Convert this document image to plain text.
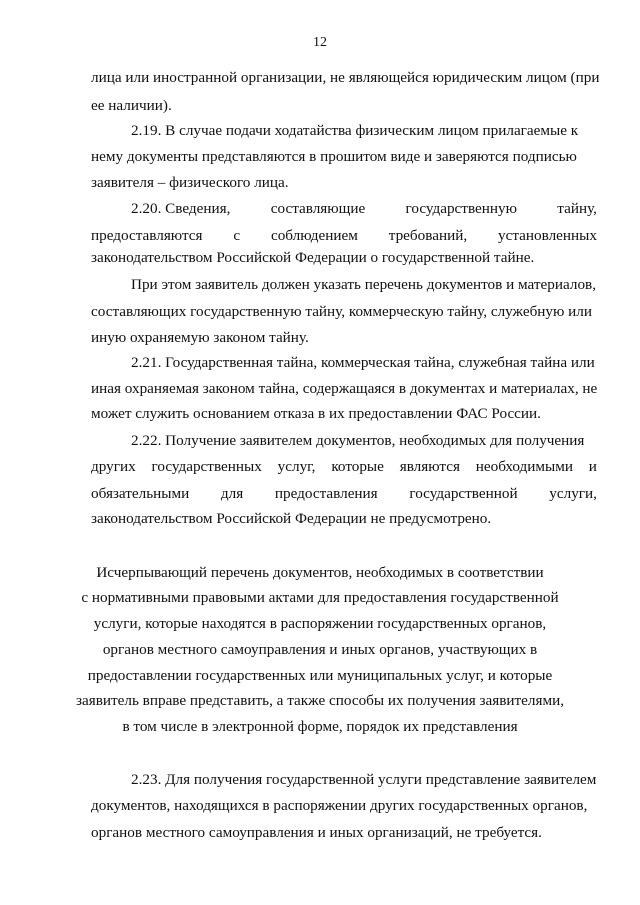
12
лица или иностранной организации, не являющейся юридическим лицом (при
ее наличии).
2.19. В случае подачи ходатайства физическим лицом прилагаемые к
нему документы представляются в прошитом виде и заверяются подписью
заявителя – физического лица.
2.20. Сведения,	составляющие	государственную	тайну,
предоставляются с соблюдением требований, установленных
законодательством Российской Федерации о государственной тайне.
При этом заявитель должен указать перечень документов и материалов,
составляющих государственную тайну, коммерческую тайну, служебную или
иную охраняемую законом тайну.
2.21. Государственная тайна, коммерческая тайна, служебная тайна или
иная охраняемая законом тайна, содержащаяся в документах и материалах, не
может служить основанием отказа в их предоставлении ФАС России.
2.22. Получение заявителем документов, необходимых для получения
других государственных услуг, которые являются необходимыми и
обязательными для предоставления государственной услуги,
законодательством Российской Федерации не предусмотрено.
Исчерпывающий перечень документов, необходимых в соответствии
с нормативными правовыми актами для предоставления государственной
услуги, которые находятся в распоряжении государственных органов,
органов местного самоуправления и иных органов, участвующих в
предоставлении государственных или муниципальных услуг, и которые
заявитель вправе представить, а также способы их получения заявителями,
в том числе в электронной форме, порядок их представления
2.23. Для получения государственной услуги представление заявителем
документов, находящихся в распоряжении других государственных органов,
органов местного самоуправления и иных организаций, не требуется.
